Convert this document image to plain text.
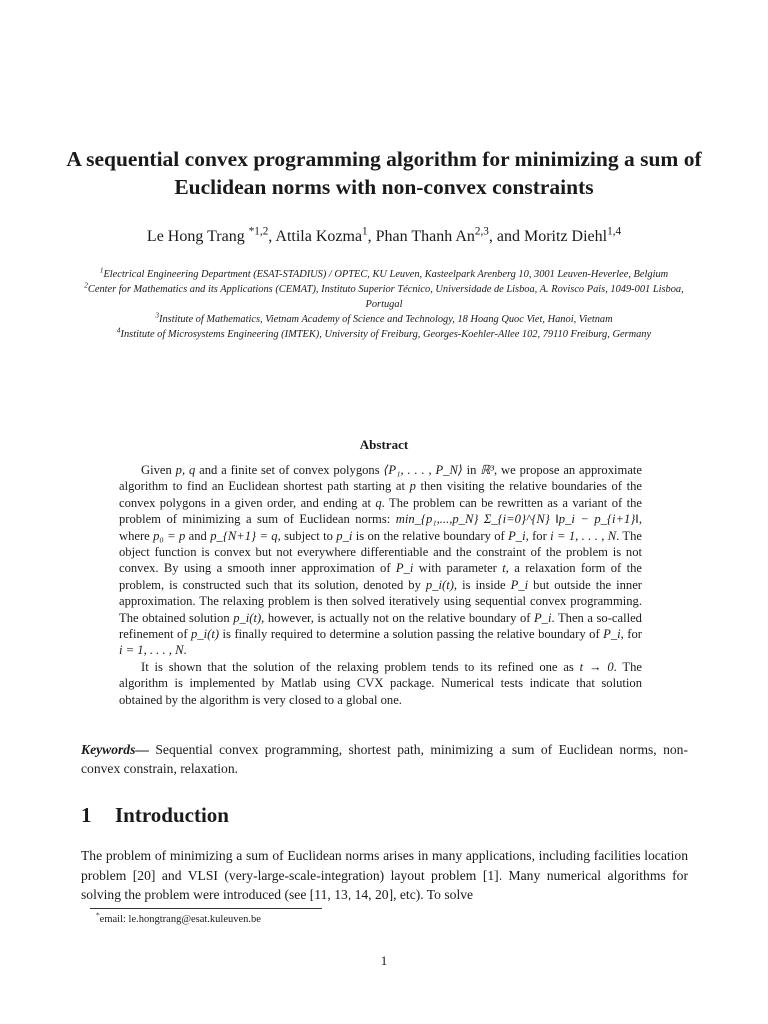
A sequential convex programming algorithm for minimizing a sum of Euclidean norms with non-convex constraints
Le Hong Trang $^{*1,2}$, Attila Kozma$^1$, Phan Thanh An$^{2,3}$, and Moritz Diehl$^{1,4}$
$^1$Electrical Engineering Department (ESAT-STADIUS) / OPTEC, KU Leuven, Kasteelpark Arenberg 10, 3001 Leuven-Heverlee, Belgium
$^2$Center for Mathematics and its Applications (CEMAT), Instituto Superior Técnico, Universidade de Lisboa, A. Rovisco Pais, 1049-001 Lisboa, Portugal
$^3$Institute of Mathematics, Vietnam Academy of Science and Technology, 18 Hoang Quoc Viet, Hanoi, Vietnam
$^4$Institute of Microsystems Engineering (IMTEK), University of Freiburg, Georges-Koehler-Allee 102, 79110 Freiburg, Germany
Abstract

Given p, q and a finite set of convex polygons ⟨P₁, . . . , P_N⟩ in ℝ³, we propose an approximate algorithm to find an Euclidean shortest path starting at p then visiting the relative boundaries of the convex polygons in a given order, and ending at q. The problem can be rewritten as a variant of the problem of minimizing a sum of Euclidean norms: min_{p₁,...,p_N} Σ_{i=0}^{N} ‖p_i − p_{i+1}‖, where p₀ = p and p_{N+1} = q, subject to p_i is on the relative boundary of P_i, for i = 1, . . . , N. The object function is convex but not everywhere differentiable and the constraint of the problem is not convex. By using a smooth inner approximation of P_i with parameter t, a relaxation form of the problem, is constructed such that its solution, denoted by p_i(t), is inside P_i but outside the inner approximation. The relaxing problem is then solved iteratively using sequential convex programming. The obtained solution p_i(t), however, is actually not on the relative boundary of P_i. Then a so-called refinement of p_i(t) is finally required to determine a solution passing the relative boundary of P_i, for i = 1, . . . , N.

It is shown that the solution of the relaxing problem tends to its refined one as t → 0. The algorithm is implemented by Matlab using CVX package. Numerical tests indicate that solution obtained by the algorithm is very closed to a global one.

Keywords— Sequential convex programming, shortest path, minimizing a sum of Euclidean norms, non-convex constrain, relaxation.
1 Introduction
The problem of minimizing a sum of Euclidean norms arises in many applications, including facilities location problem [20] and VLSI (very-large-scale-integration) layout problem [1]. Many numerical algorithms for solving the problem were introduced (see [11, 13, 14, 20], etc). To solve
*email: le.hongtrang@esat.kuleuven.be
1
